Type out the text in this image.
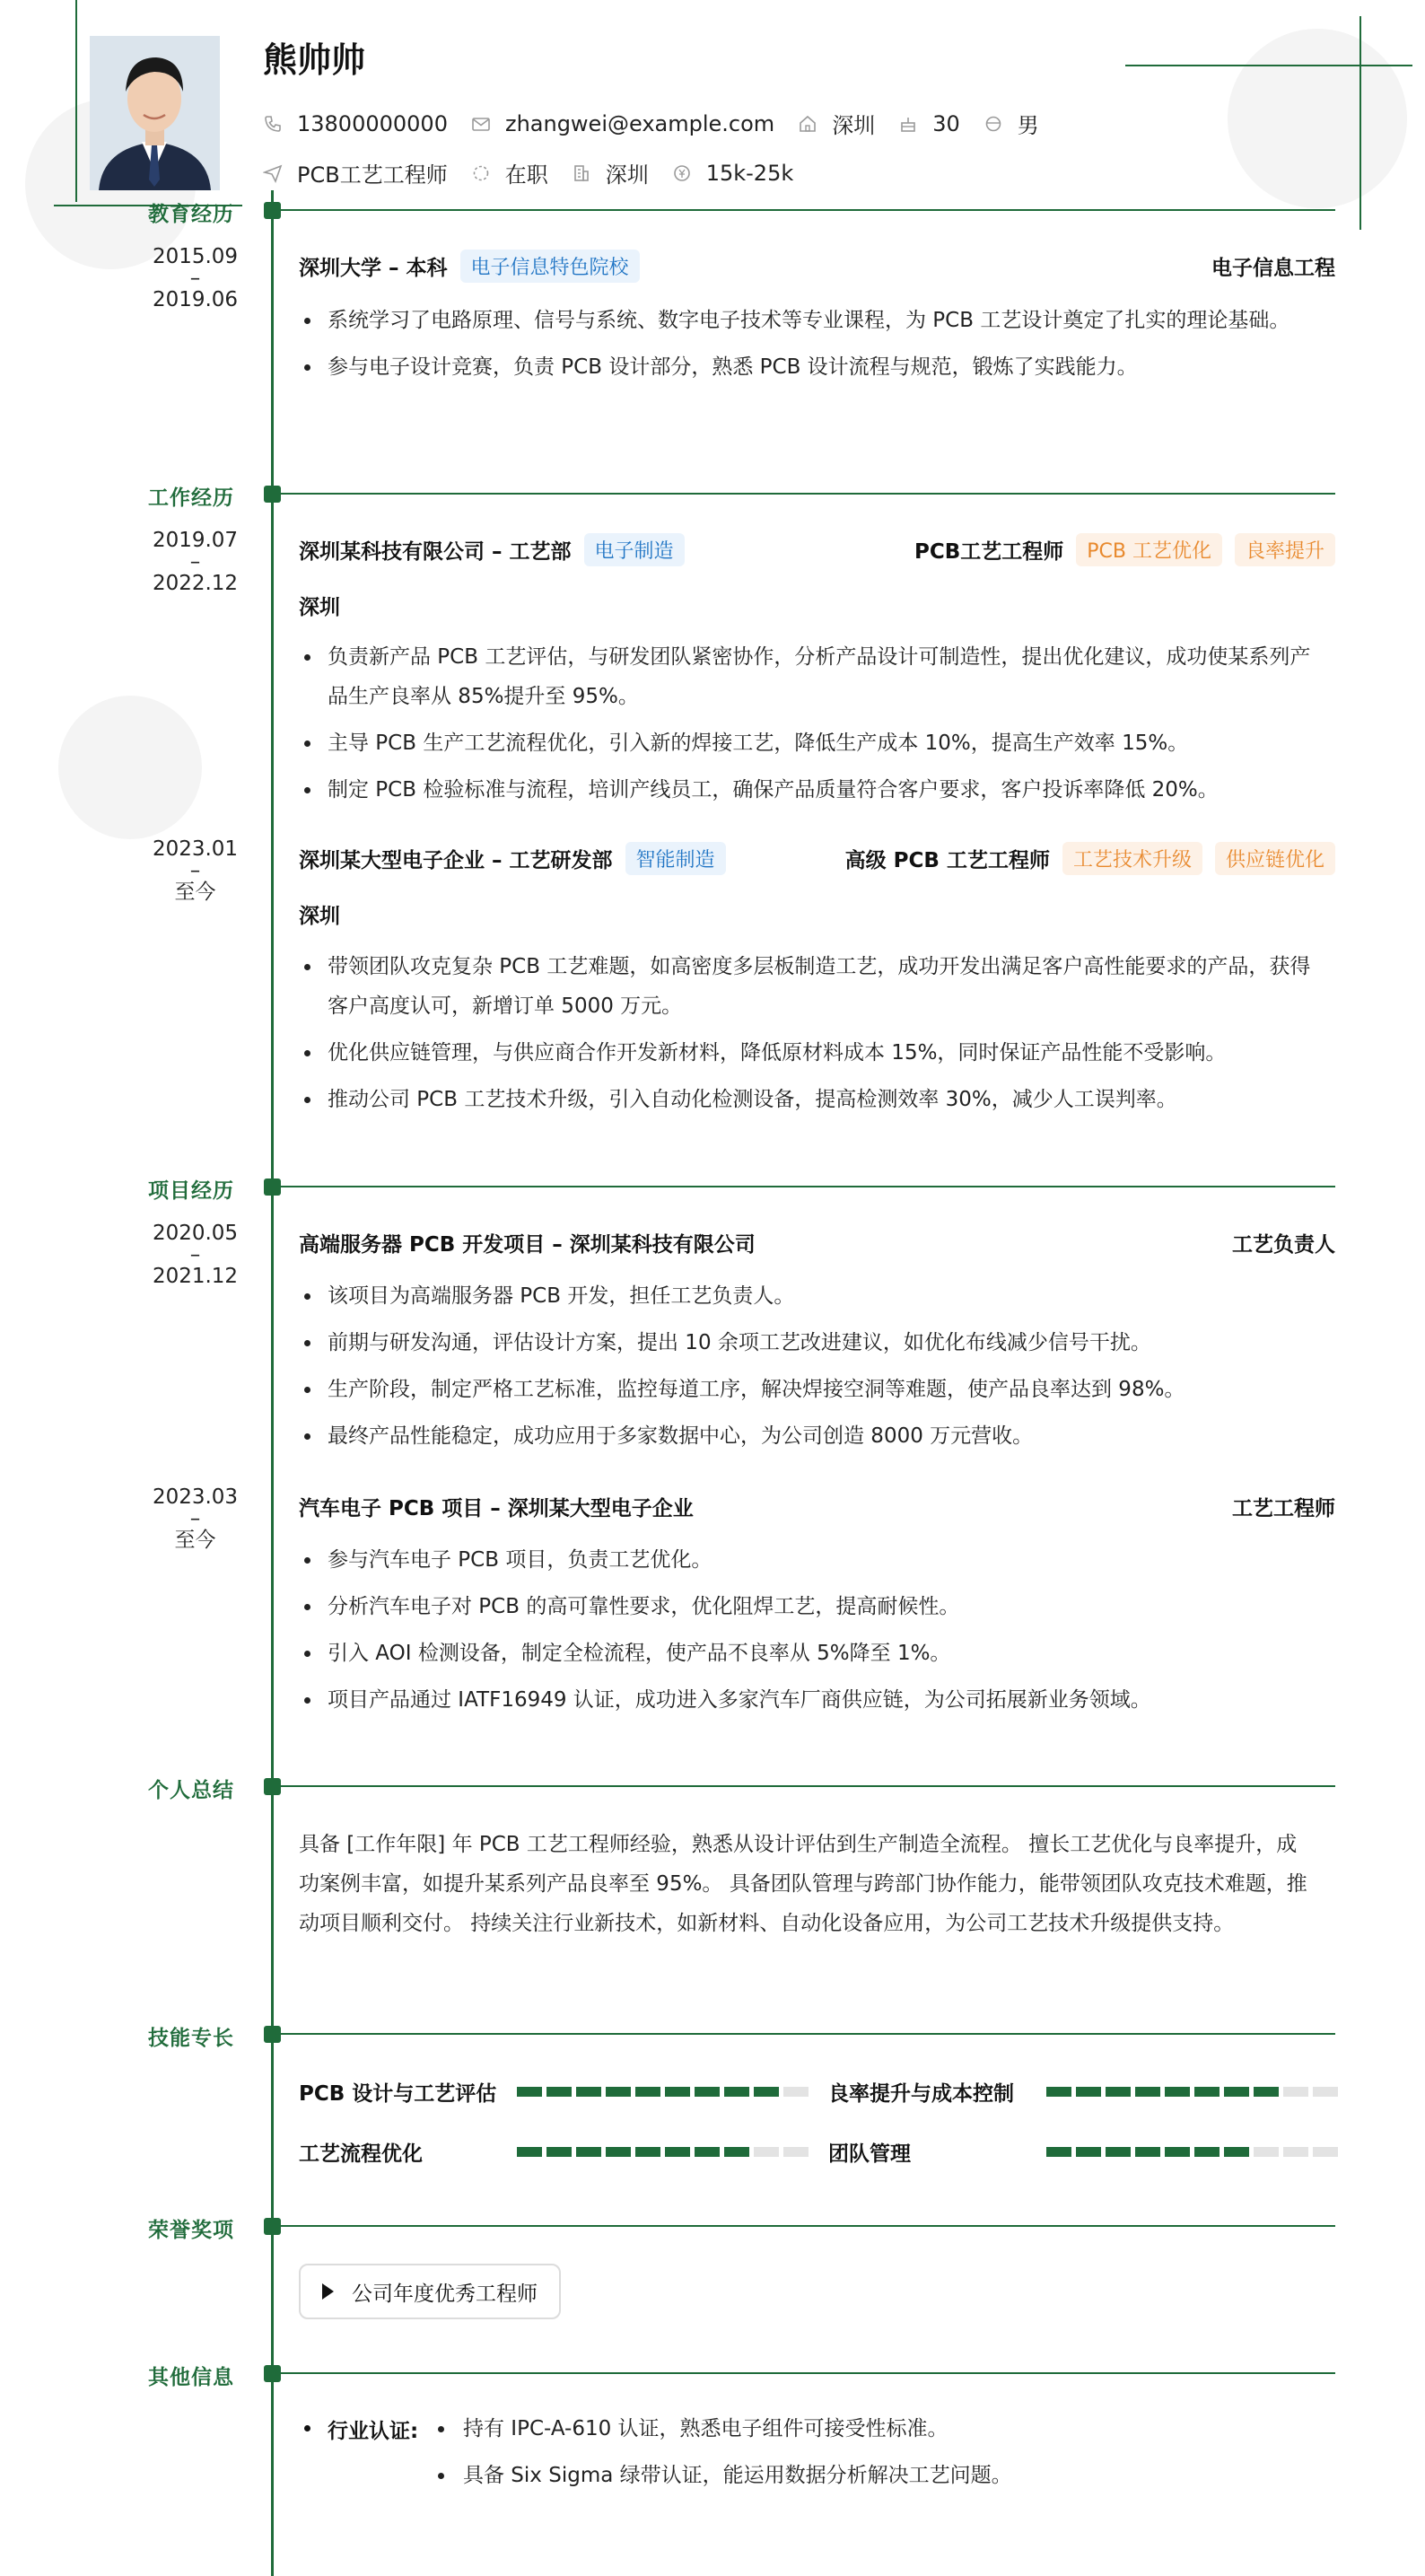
熊帅帅
13800000000	zhangwei@example.com	深圳	30	男
PCB工艺工程师	在职	深圳	15k-25k
教育经历
2015.09
–
2019.06
深圳大学 – 本科	电子信息特色院校	电子信息工程
系统学习了电路原理、信号与系统、数字电子技术等专业课程，为 PCB 工艺设计奠定了扎实的理论基础。
参与电子设计竞赛，负责 PCB 设计部分，熟悉 PCB 设计流程与规范，锻炼了实践能力。
工作经历
2019.07
–
2022.12
深圳某科技有限公司 – 工艺部	电子制造	PCB工艺工程师	PCB 工艺优化	良率提升
深圳
负责新产品 PCB 工艺评估，与研发团队紧密协作，分析产品设计可制造性，提出优化建议，成功使某系列产品生产良率从 85%提升至 95%。
主导 PCB 生产工艺流程优化，引入新的焊接工艺，降低生产成本 10%，提高生产效率 15%。
制定 PCB 检验标准与流程，培训产线员工，确保产品质量符合客户要求，客户投诉率降低 20%。
2023.01
–
至今
深圳某大型电子企业 – 工艺研发部	智能制造	高级 PCB 工艺工程师	工艺技术升级	供应链优化
深圳
带领团队攻克复杂 PCB 工艺难题，如高密度多层板制造工艺，成功开发出满足客户高性能要求的产品，获得客户高度认可，新增订单 5000 万元。
优化供应链管理，与供应商合作开发新材料，降低原材料成本 15%，同时保证产品性能不受影响。
推动公司 PCB 工艺技术升级，引入自动化检测设备，提高检测效率 30%，减少人工误判率。
项目经历
2020.05
–
2021.12
高端服务器 PCB 开发项目 – 深圳某科技有限公司	工艺负责人
该项目为高端服务器 PCB 开发，担任工艺负责人。
前期与研发沟通，评估设计方案，提出 10 余项工艺改进建议，如优化布线减少信号干扰。
生产阶段，制定严格工艺标准，监控每道工序，解决焊接空洞等难题，使产品良率达到 98%。
最终产品性能稳定，成功应用于多家数据中心，为公司创造 8000 万元营收。
2023.03
–
至今
汽车电子 PCB 项目 – 深圳某大型电子企业	工艺工程师
参与汽车电子 PCB 项目，负责工艺优化。
分析汽车电子对 PCB 的高可靠性要求，优化阻焊工艺，提高耐候性。
引入 AOI 检测设备，制定全检流程，使产品不良率从 5%降至 1%。
项目产品通过 IATF16949 认证，成功进入多家汽车厂商供应链，为公司拓展新业务领域。
个人总结
具备 [工作年限] 年 PCB 工艺工程师经验，熟悉从设计评估到生产制造全流程。 擅长工艺优化与良率提升，成功案例丰富，如提升某系列产品良率至 95%。 具备团队管理与跨部门协作能力，能带领团队攻克技术难题，推动项目顺利交付。 持续关注行业新技术，如新材料、自动化设备应用，为公司工艺技术升级提供支持。
技能专长
PCB 设计与工艺评估	良率提升与成本控制
工艺流程优化	团队管理
荣誉奖项
公司年度优秀工程师
其他信息
行业认证:	持有 IPC-A-610 认证，熟悉电子组件可接受性标准。
具备 Six Sigma 绿带认证，能运用数据分析解决工艺问题。
